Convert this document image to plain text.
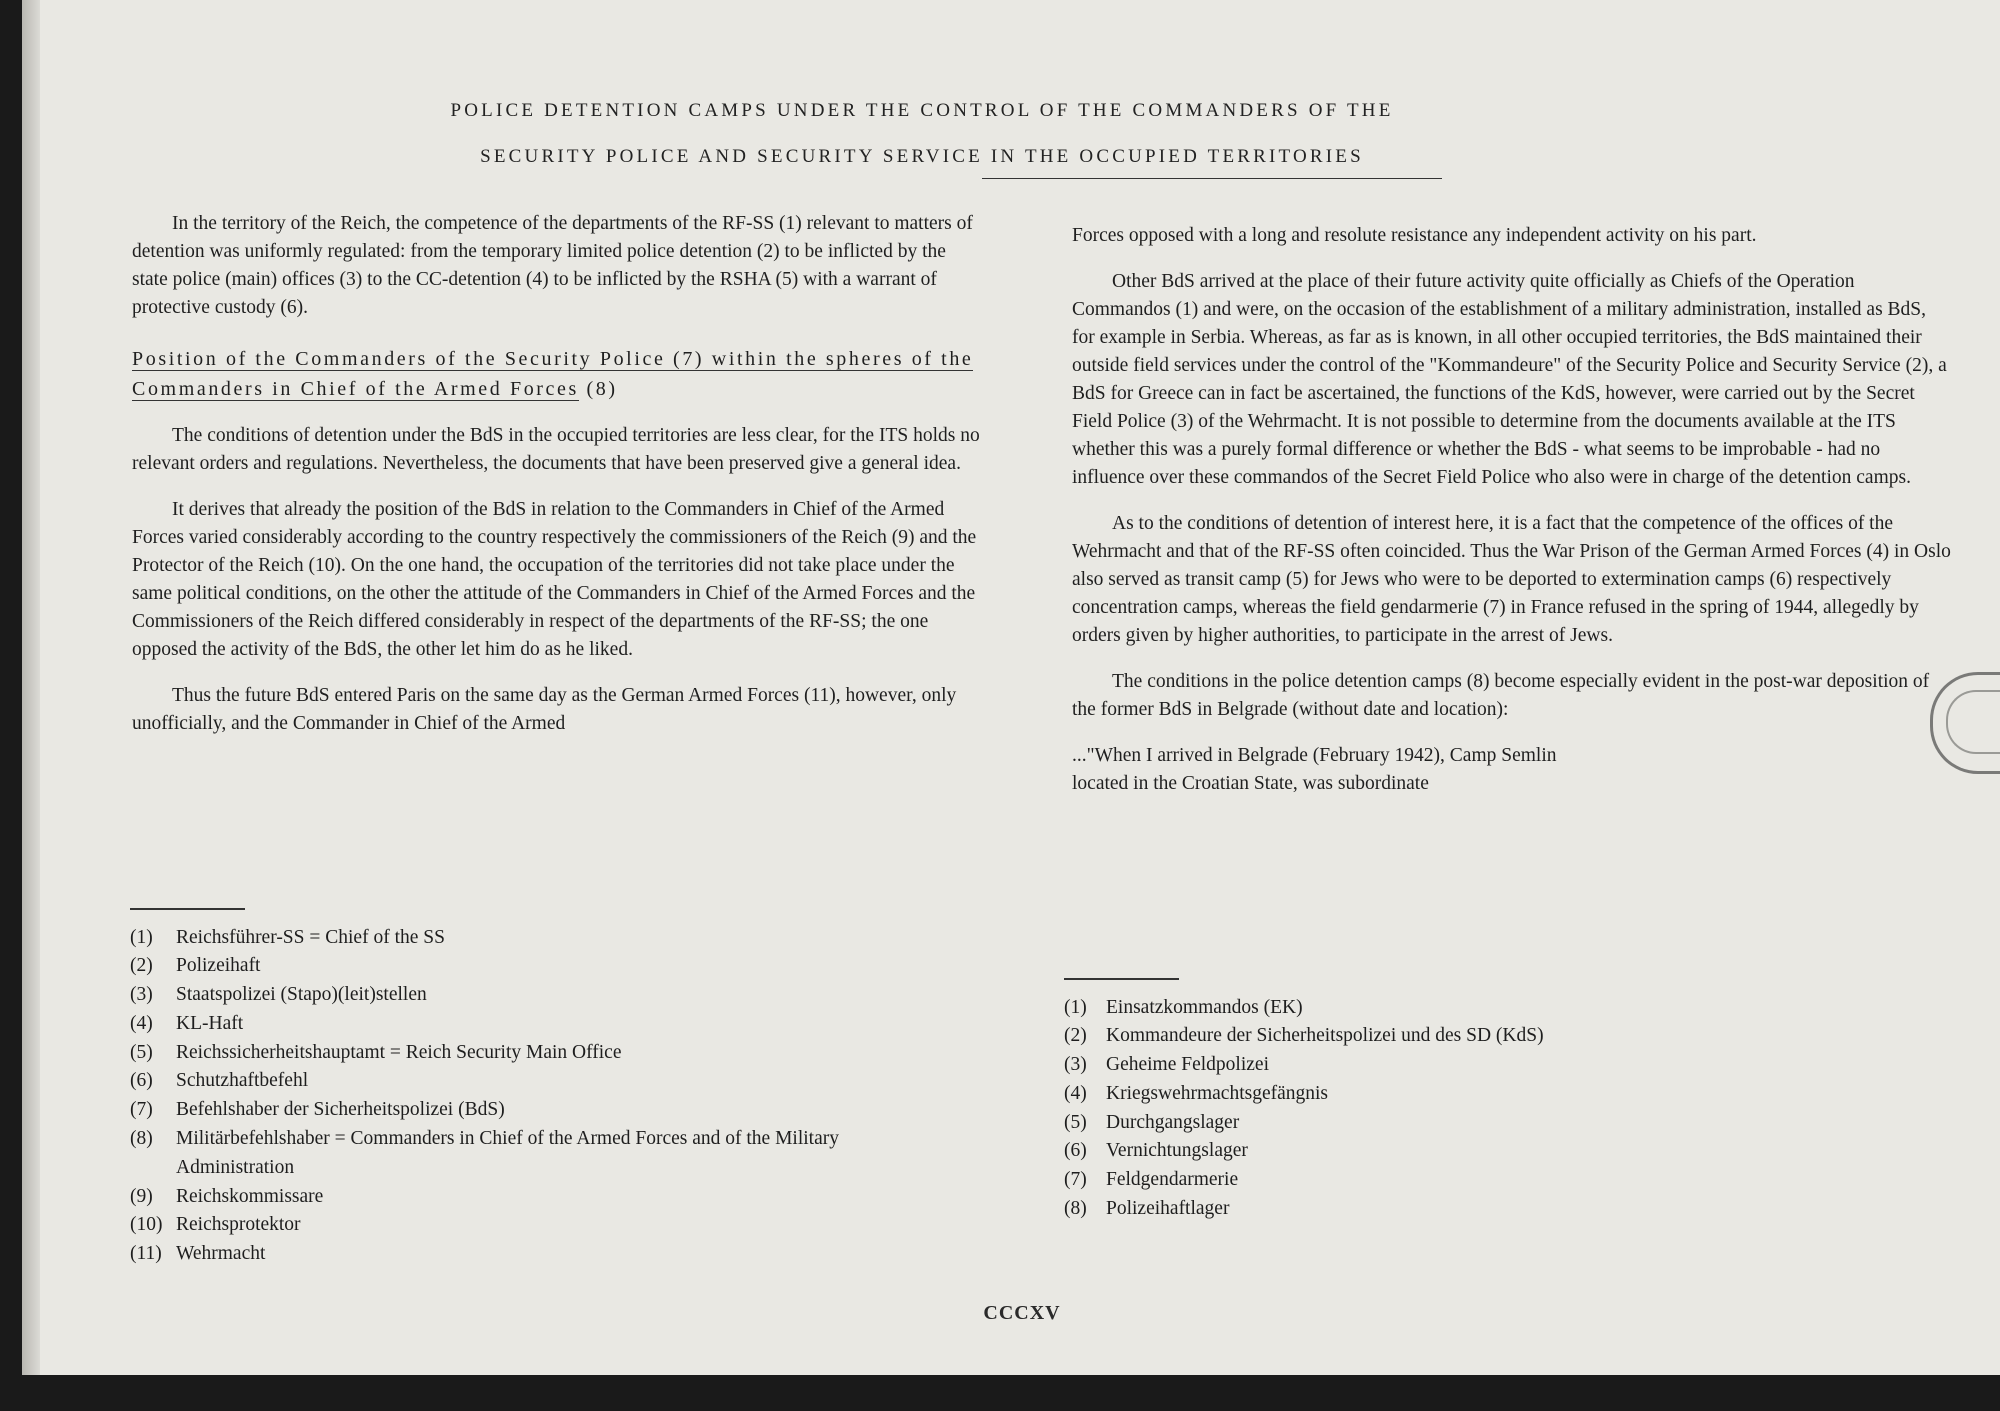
POLICE DETENTION CAMPS UNDER THE CONTROL OF THE COMMANDERS OF THE
SECURITY POLICE AND SECURITY SERVICE IN THE OCCUPIED TERRITORIES

In the territory of the Reich, the competence of the departments of the RF-SS (1) relevant to matters of detention was uniformly regulated: from the temporary limited police detention (2) to be inflicted by the state police (main) offices (3) to the CC-detention (4) to be inflicted by the RSHA (5) with a warrant of protective custody (6).

Position of the Commanders of the Security Police (7) within the spheres of the Commanders in Chief of the Armed Forces (8)

The conditions of detention under the BdS in the occupied territories are less clear, for the ITS holds no relevant orders and regulations. Nevertheless, the documents that have been preserved give a general idea.

It derives that already the position of the BdS in relation to the Commanders in Chief of the Armed Forces varied considerably according to the country respectively the commissioners of the Reich (9) and the Protector of the Reich (10). On the one hand, the occupation of the territories did not take place under the same political conditions, on the other the attitude of the Commanders in Chief of the Armed Forces and the Commissioners of the Reich differed considerably in respect of the departments of the RF-SS; the one opposed the activity of the BdS, the other let him do as he liked.

Thus the future BdS entered Paris on the same day as the German Armed Forces (11), however, only unofficially, and the Commander in Chief of the Armed

Forces opposed with a long and resolute resistance any independent activity on his part.

Other BdS arrived at the place of their future activity quite officially as Chiefs of the Operation Commandos (1) and were, on the occasion of the establishment of a military administration, installed as BdS, for example in Serbia. Whereas, as far as is known, in all other occupied territories, the BdS maintained their outside field services under the control of the "Kommandeure" of the Security Police and Security Service (2), a BdS for Greece can in fact be ascertained, the functions of the KdS, however, were carried out by the Secret Field Police (3) of the Wehrmacht. It is not possible to determine from the documents available at the ITS whether this was a purely formal difference or whether the BdS - what seems to be improbable - had no influence over these commandos of the Secret Field Police who also were in charge of the detention camps.

As to the conditions of detention of interest here, it is a fact that the competence of the offices of the Wehrmacht and that of the RF-SS often coincided. Thus the War Prison of the German Armed Forces (4) in Oslo also served as transit camp (5) for Jews who were to be deported to extermination camps (6) respectively concentration camps, whereas the field gendarmerie (7) in France refused in the spring of 1944, allegedly by orders given by higher authorities, to participate in the arrest of Jews.

The conditions in the police detention camps (8) become especially evident in the post-war deposition of the former BdS in Belgrade (without date and location):

..."When I arrived in Belgrade (February 1942), Camp Semlin located in the Croatian State, was subordinate

(1)	Reichsführer-SS = Chief of the SS
(2)	Polizeihaft
(3)	Staatspolizei (Stapo)(leit)stellen
(4)	KL-Haft
(5)	Reichssicherheitshauptamt = Reich Security Main Office
(6)	Schutzhaftbefehl
(7)	Befehlshaber der Sicherheitspolizei (BdS)
(8)	Militärbefehlshaber = Commanders in Chief of the Armed Forces and of the Military Administration
(9)	Reichskommissare
(10) Reichsprotektor
(11) Wehrmacht
(1) Einsatzkommandos (EK)
(2) Kommandeure der Sicherheitspolizei und des SD (KdS)
(3) Geheime Feldpolizei
(4) Kriegswehrmachtsgefängnis
(5) Durchgangslager
(6) Vernichtungslager
(7) Feldgendarmerie
(8) Polizeihaftlager
CCCXV
